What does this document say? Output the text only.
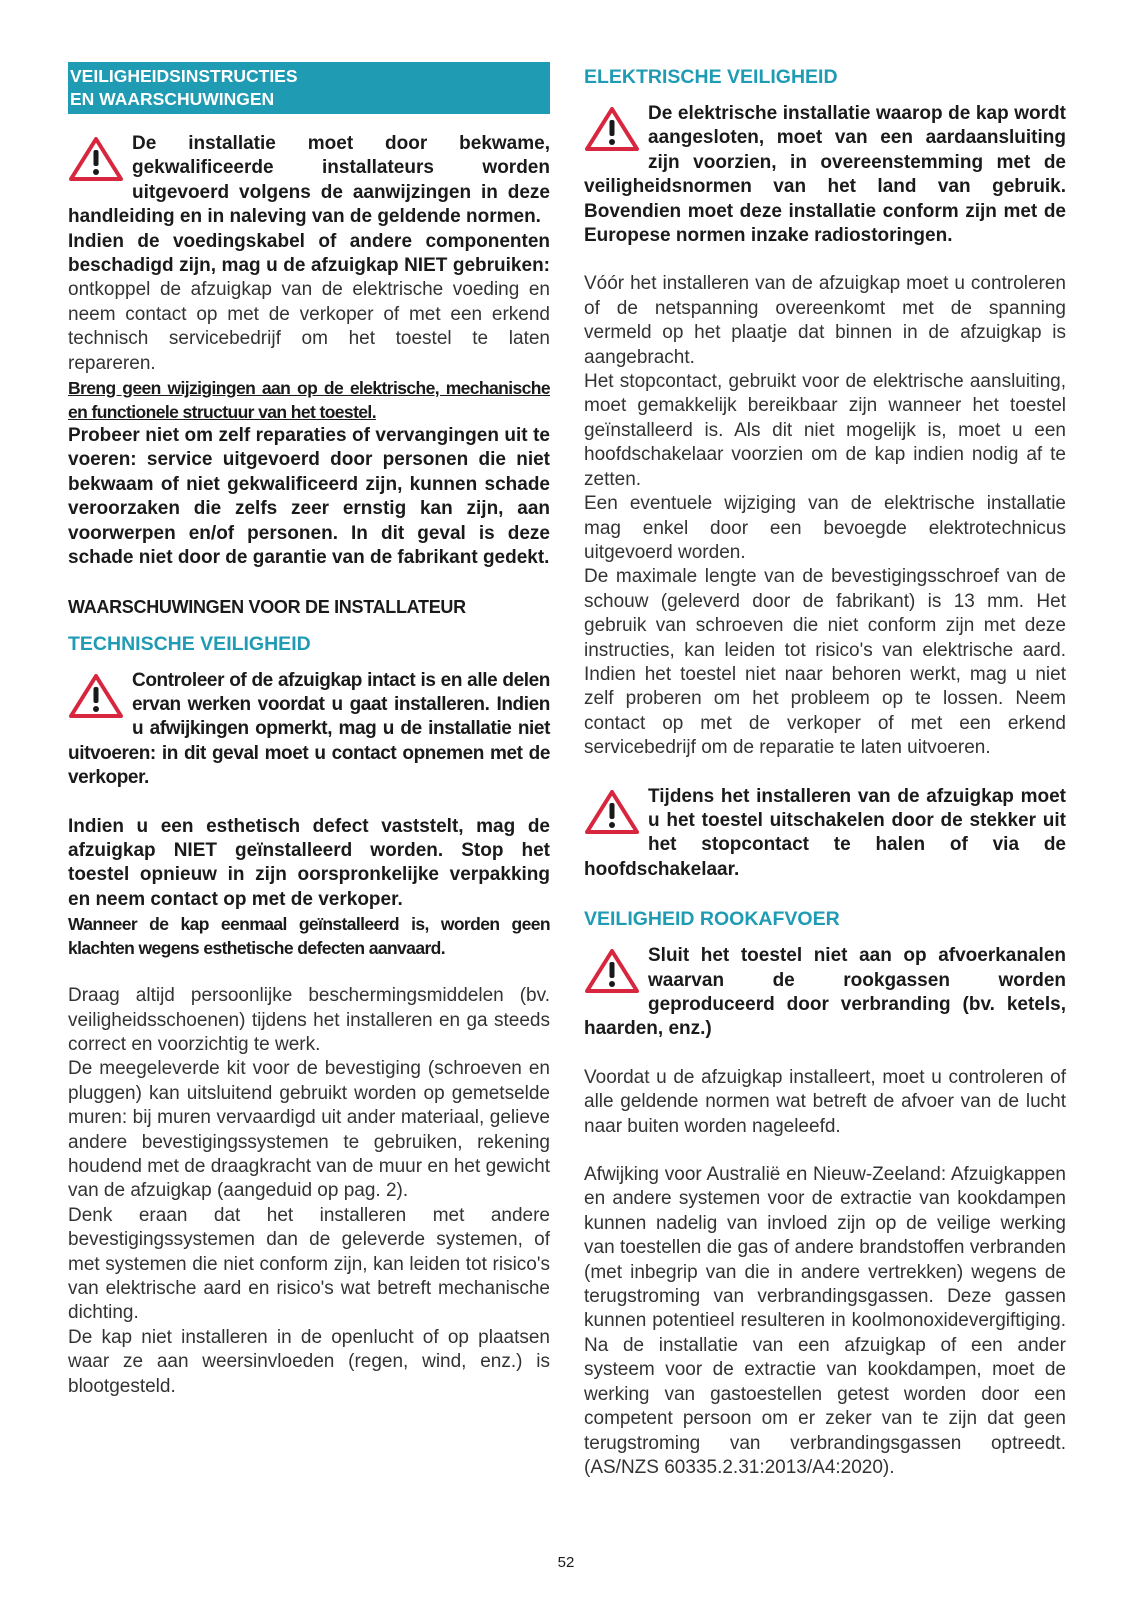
VEILIGHEIDSINSTRUCTIES
EN WAARSCHUWINGEN

De installatie moet door bekwame, gekwalificeerde installateurs worden uitgevoerd volgens de aanwijzingen in deze handleiding en in naleving van de geldende normen.

Indien de voedingskabel of andere componenten beschadigd zijn, mag u de afzuigkap NIET gebruiken: ontkoppel de afzuigkap van de elektrische voeding en neem contact op met de verkoper of met een erkend technisch servicebedrijf om het toestel te laten repareren.

Breng geen wijzigingen aan op de elektrische, mechanische en functionele structuur van het toestel.

Probeer niet om zelf reparaties of vervangingen uit te voeren: service uitgevoerd door personen die niet bekwaam of niet gekwalificeerd zijn, kunnen schade veroorzaken die zelfs zeer ernstig kan zijn, aan voorwerpen en/of personen. In dit geval is deze schade niet door de garantie van de fabrikant gedekt.

WAARSCHUWINGEN VOOR DE INSTALLATEUR

TECHNISCHE VEILIGHEID

Controleer of de afzuigkap intact is en alle delen ervan werken voordat u gaat installeren. Indien u afwijkingen opmerkt, mag u de installatie niet uitvoeren: in dit geval moet u contact opnemen met de verkoper.

Indien u een esthetisch defect vaststelt, mag de afzuigkap NIET geïnstalleerd worden. Stop het toestel opnieuw in zijn oorspronkelijke verpakking en neem contact op met de verkoper.

Wanneer de kap eenmaal geïnstalleerd is, worden geen klachten wegens esthetische defecten aanvaard.

Draag altijd persoonlijke beschermingsmiddelen (bv. veiligheidsschoenen) tijdens het installeren en ga steeds correct en voorzichtig te werk.

De meegeleverde kit voor de bevestiging (schroeven en pluggen) kan uitsluitend gebruikt worden op gemetselde muren: bij muren vervaardigd uit ander materiaal, gelieve andere bevestigingssystemen te gebruiken, rekening houdend met de draagkracht van de muur en het gewicht van de afzuigkap (aangeduid op pag. 2).

Denk eraan dat het installeren met andere bevestigingssystemen dan de geleverde systemen, of met systemen die niet conform zijn, kan leiden tot risico's van elektrische aard en risico's wat betreft mechanische dichting.

De kap niet installeren in de openlucht of op plaatsen waar ze aan weersinvloeden (regen, wind, enz.) is blootgesteld.

ELEKTRISCHE VEILIGHEID

De elektrische installatie waarop de kap wordt aangesloten, moet van een aardaansluiting zijn voorzien, in overeenstemming met de veiligheidsnormen van het land van gebruik. Bovendien moet deze installatie conform zijn met de Europese normen inzake radiostoringen.

Vóór het installeren van de afzuigkap moet u controleren of de netspanning overeenkomt met de spanning vermeld op het plaatje dat binnen in de afzuigkap is aangebracht.

Het stopcontact, gebruikt voor de elektrische aansluiting, moet gemakkelijk bereikbaar zijn wanneer het toestel geïnstalleerd is. Als dit niet mogelijk is, moet u een hoofdschakelaar voorzien om de kap indien nodig af te zetten.

Een eventuele wijziging van de elektrische installatie mag enkel door een bevoegde elektrotechnicus uitgevoerd worden.

De maximale lengte van de bevestigingsschroef van de schouw (geleverd door de fabrikant) is 13 mm. Het gebruik van schroeven die niet conform zijn met deze instructies, kan leiden tot risico's van elektrische aard. Indien het toestel niet naar behoren werkt, mag u niet zelf proberen om het probleem op te lossen. Neem contact op met de verkoper of met een erkend servicebedrijf om de reparatie te laten uitvoeren.

Tijdens het installeren van de afzuigkap moet u het toestel uitschakelen door de stekker uit het stopcontact te halen of via de hoofdschakelaar.

VEILIGHEID ROOKAFVOER

Sluit het toestel niet aan op afvoerkanalen waarvan de rookgassen worden geproduceerd door verbranding (bv. ketels, haarden, enz.)

Voordat u de afzuigkap installeert, moet u controleren of alle geldende normen wat betreft de afvoer van de lucht naar buiten worden nageleefd.

Afwijking voor Australië en Nieuw-Zeeland: Afzuigkappen en andere systemen voor de extractie van kookdampen kunnen nadelig van invloed zijn op de veilige werking van toestellen die gas of andere brandstoffen verbranden (met inbegrip van die in andere vertrekken) wegens de terugstroming van verbrandingsgassen. Deze gassen kunnen potentieel resulteren in koolmonoxidevergiftiging. Na de installatie van een afzuigkap of een ander systeem voor de extractie van kookdampen, moet de werking van gastoestellen getest worden door een competent persoon om er zeker van te zijn dat geen terugstroming van verbrandingsgassen optreedt. (AS/NZS 60335.2.31:2013/A4:2020).

52
